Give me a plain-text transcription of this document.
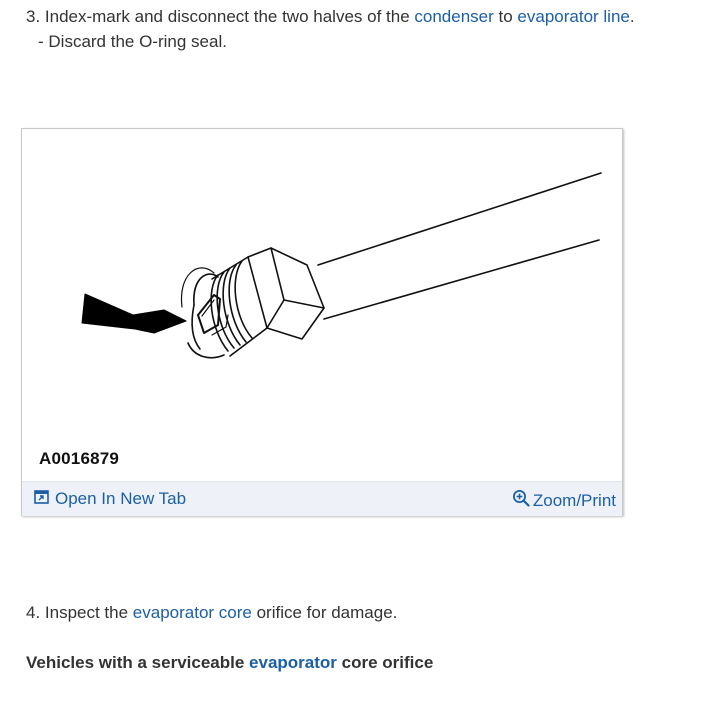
3. Index-mark and disconnect the two halves of the condenser to evaporator line.
- Discard the O-ring seal.
A0016879
Open In New Tab	Zoom/Print
4. Inspect the evaporator core orifice for damage.
Vehicles with a serviceable evaporator core orifice
